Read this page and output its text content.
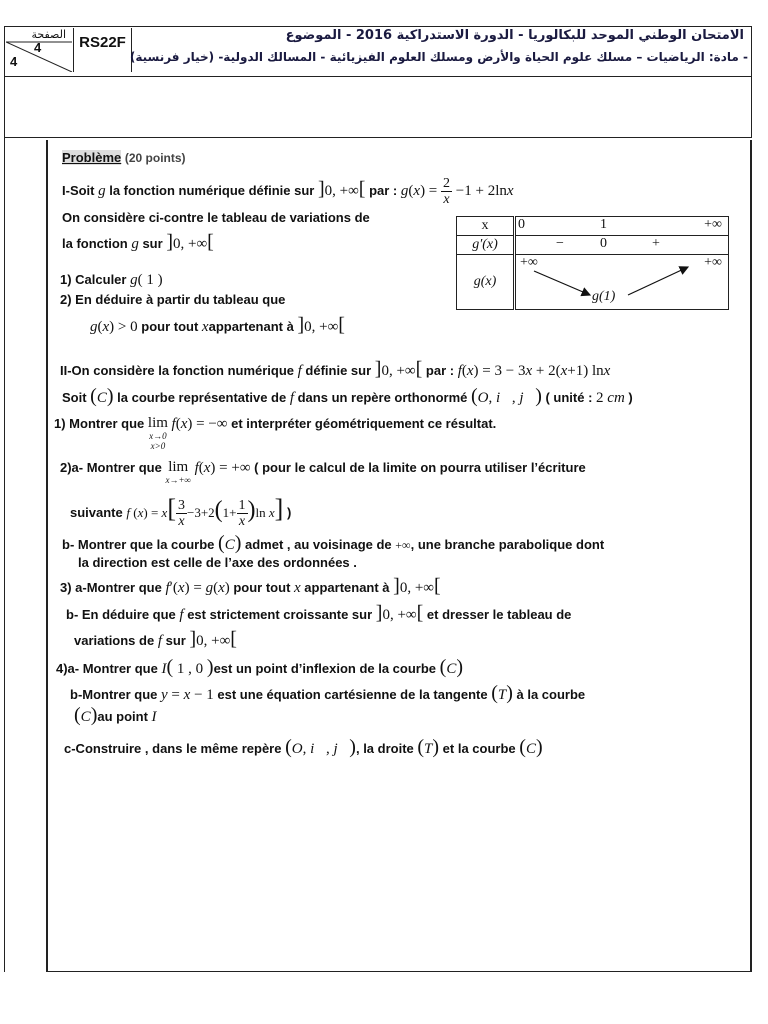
الصفحة
4
4
RS22F	الامتحان الوطني الموحد للبكالوريا - الدورة الاستدراكية 2016 - الموضوع
- مادة: الرياضيات – مسلك علوم الحياة والأرض ومسلك العلوم الفيزيائية - المسالك الدولية- (خيار فرنسية)
Problème (20 points)
I-Soit g la fonction numérique définie sur ]0, +∞[ par : $g(x) = \frac{2}{x} -1 + 2\ln x$
On considère ci-contre le tableau de variations de
la fonction g sur ]0, +∞[
1) Calculer g( 1 )
2) En déduire à partir du tableau que
g(x) > 0 pour tout xappartenant à ]0, +∞[
x	0 1 +∞

g′(x)	− 0 +

g(x)	+∞
g(1)
+∞
II-On considère la fonction numérique f définie sur ]0, +∞[ par : f(x) = 3 − 3x + 2(x+1) lnx
Soit (C) la courbe représentative de f dans un repère orthonormé (O, i⃗, j⃗) ( unité : 2 cm )
1) Montrer que lim
x→0
x>0
f(x) = −∞ et interpréter géométriquement ce résultat.
2)a- Montrer que lim
x→+∞
f(x) = +∞ ( pour le calcul de la limite on pourra utiliser l’écriture
suivante f $(x) = x[ \frac{3}{x} -3+2(1+ \frac{1}{x} )\ln$ x] )
b- Montrer que la courbe (C) admet , au voisinage de +∞, une branche parabolique dont
la direction est celle de l’axe des ordonnées .
3) a-Montrer que f′(x) = g(x) pour tout x appartenant à ]0, +∞[
b- En déduire que f est strictement croissante sur ]0, +∞[ et dresser le tableau de
variations de f sur ]0, +∞[
4)a- Montrer que I( 1 , 0 )est un point d’inflexion de la courbe (C)
b-Montrer que y = x − 1 est une équation cartésienne de la tangente (T) à la courbe
(C)au point I
c-Construire , dans le même repère (O, i⃗, j⃗), la droite (T) et la courbe (C)
